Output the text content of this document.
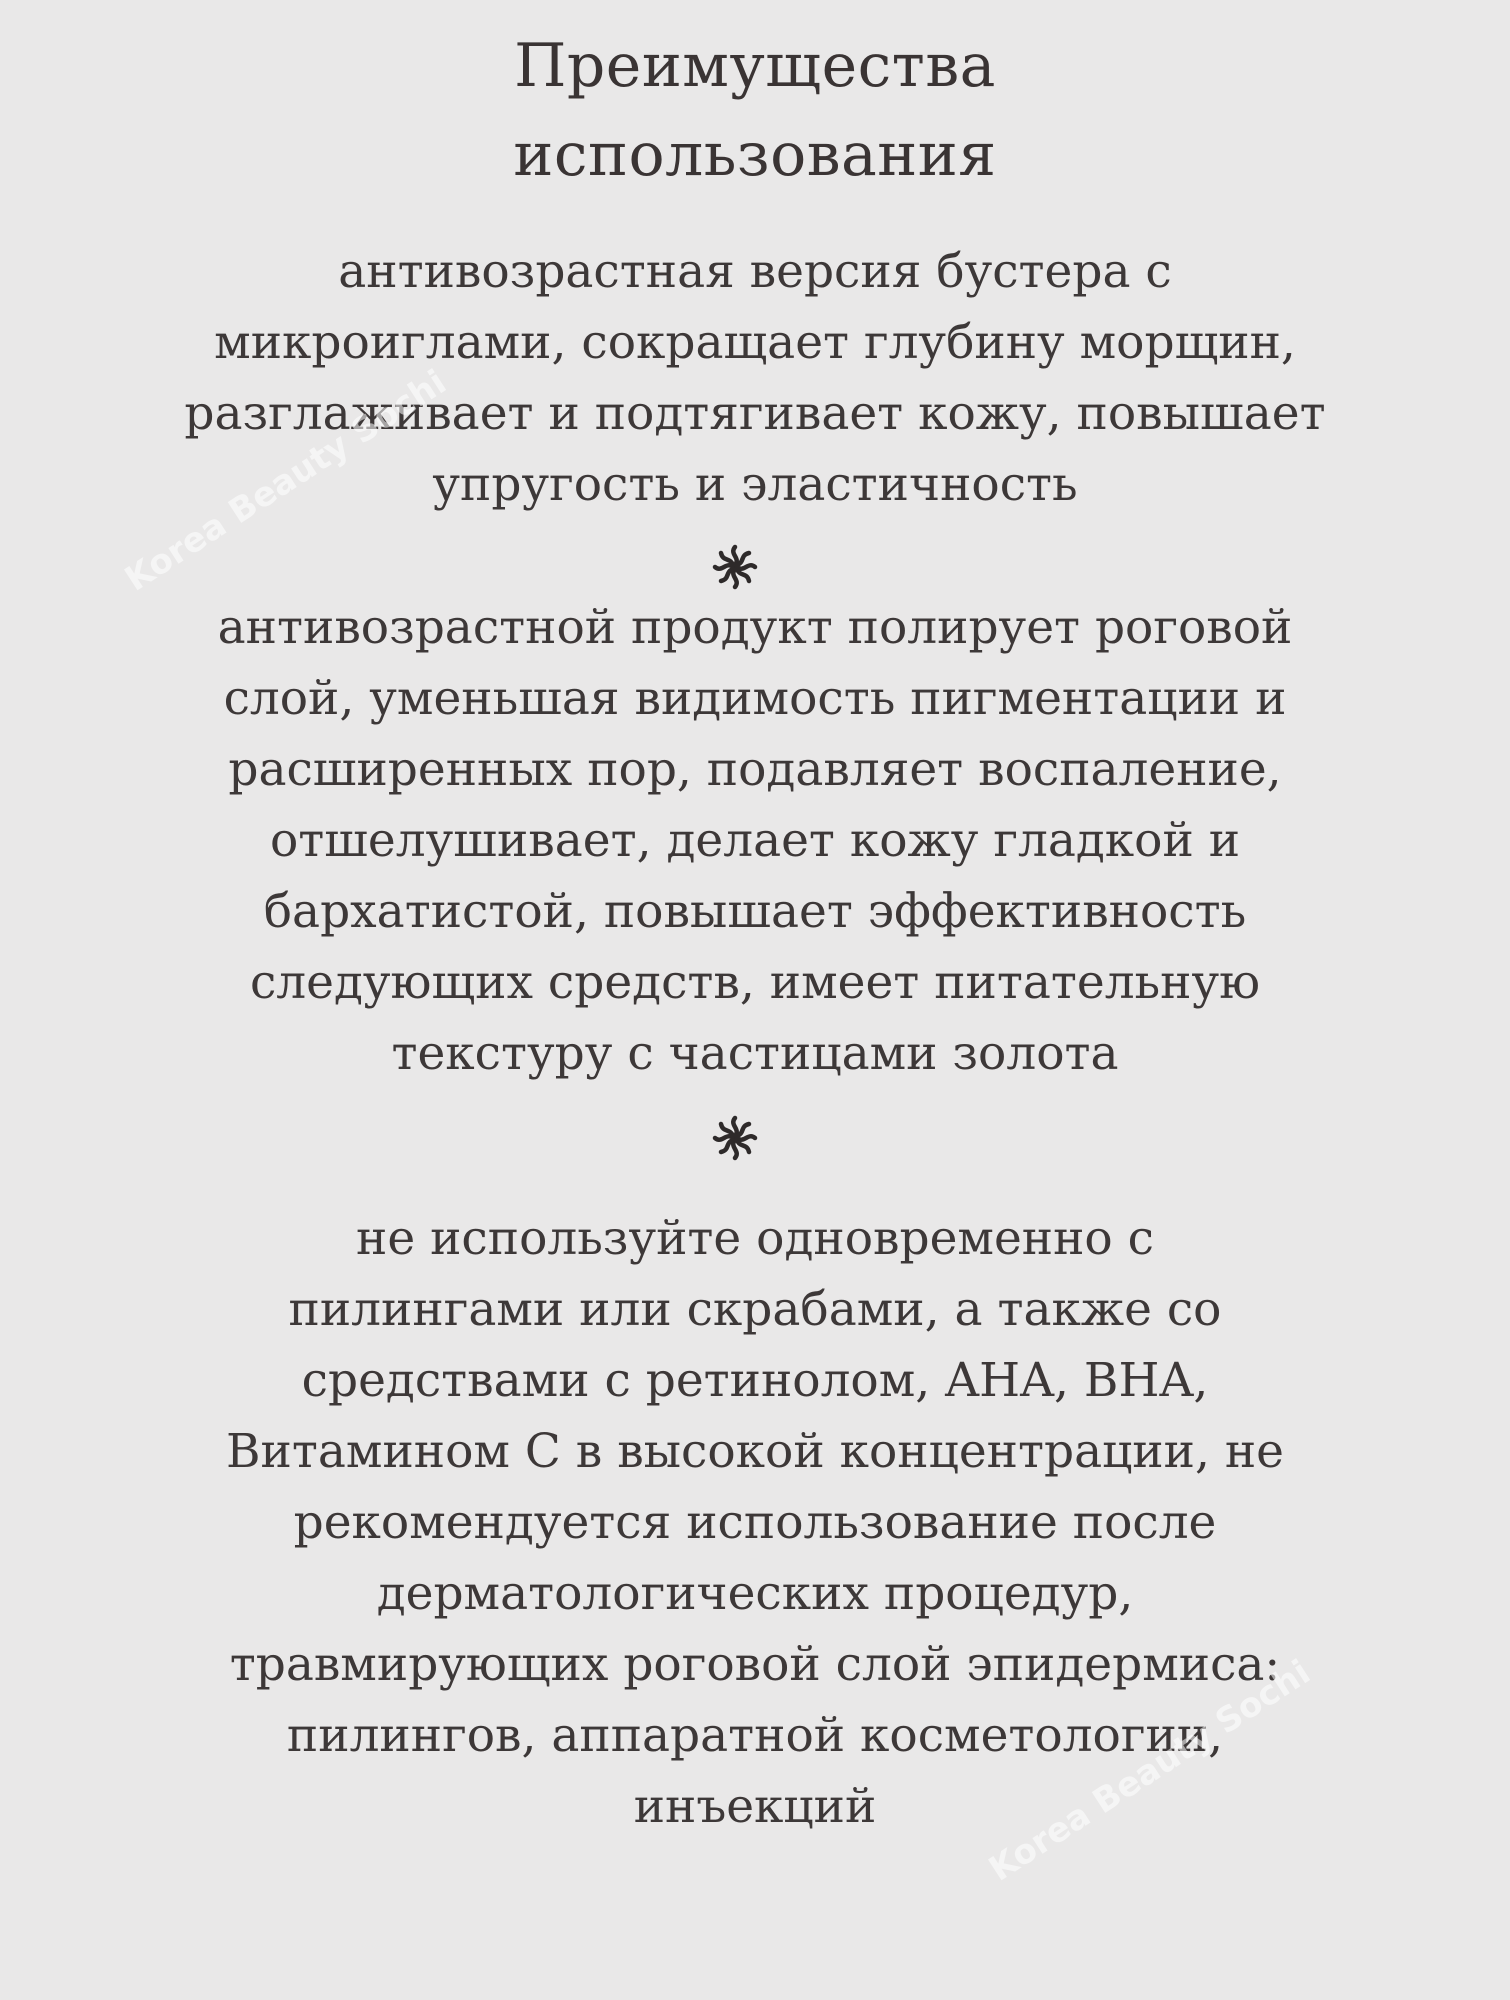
Преимущества
использования
антивозрастная версия бустера с
микроиглами, сокращает глубину морщин,
разглаживает и подтягивает кожу, повышает
упругость и эластичность
антивозрастной продукт полирует роговой
слой, уменьшая видимость пигментации и
расширенных пор, подавляет воспаление,
отшелушивает, делает кожу гладкой и
бархатистой, повышает эффективность
следующих средств, имеет питательную
текстуру с частицами золота
не используйте одновременно с
пилингами или скрабами, а также со
средствами с ретинолом, AHA, BHA,
Витамином С в высокой концентрации, не
рекомендуется использование после
дерматологических процедур,
травмирующих роговой слой эпидермиса:
пилингов, аппаратной косметологии,
инъекций
Korea Beauty Sochi
Korea Beauty Sochi
